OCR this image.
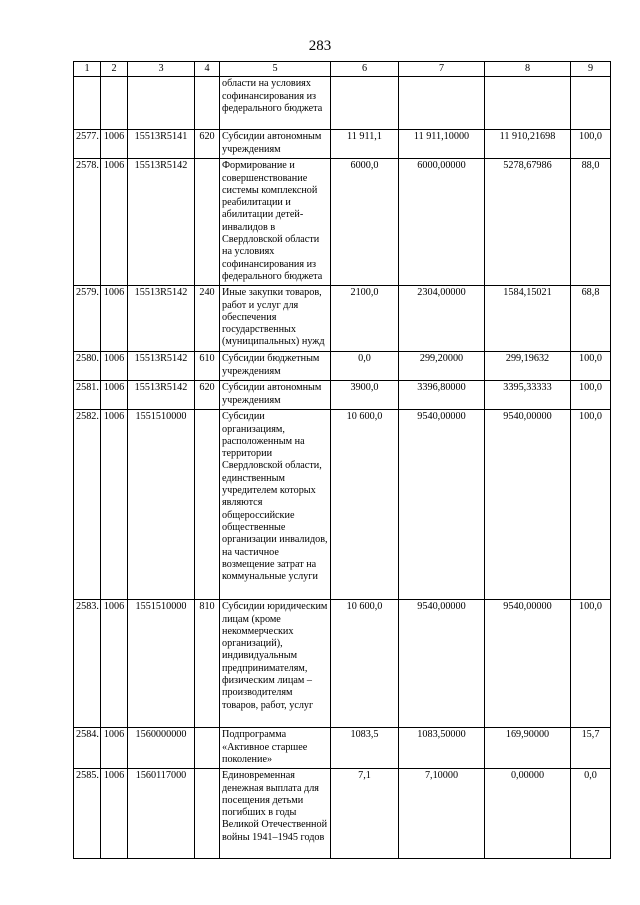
283
1	2	3	4	5	6	7	8	9
				области на условиях софинансирования из федерального бюджета				
2577.	1006	15513R5141	620	Субсидии автономным учреждениям	11 911,1	11 911,10000	11 910,21698	100,0
2578.	1006	15513R5142		Формирование и совершенствование системы комплексной реабилитации и абилитации детей-инвалидов в Свердловской области на условиях софинансирования из федерального бюджета	6000,0	6000,00000	5278,67986	88,0
2579.	1006	15513R5142	240	Иные закупки товаров, работ и услуг для обеспечения государственных (муниципальных) нужд	2100,0	2304,00000	1584,15021	68,8
2580.	1006	15513R5142	610	Субсидии бюджетным учреждениям	0,0	299,20000	299,19632	100,0
2581.	1006	15513R5142	620	Субсидии автономным учреждениям	3900,0	3396,80000	3395,33333	100,0
2582.	1006	1551510000		Субсидии организациям, расположенным на территории Свердловской области, единственным учредителем которых являются общероссийские общественные организации инвалидов, на частичное возмещение затрат на коммунальные услуги	10 600,0	9540,00000	9540,00000	100,0
2583.	1006	1551510000	810	Субсидии юридическим лицам (кроме некоммерческих организаций), индивидуальным предпринимателям, физическим лицам – производителям товаров, работ, услуг	10 600,0	9540,00000	9540,00000	100,0
2584.	1006	1560000000		Подпрограмма «Активное старшее поколение»	1083,5	1083,50000	169,90000	15,7
2585.	1006	1560117000		Единовременная денежная выплата для посещения детьми погибших в годы Великой Отечественной войны 1941–1945 годов	7,1	7,10000	0,00000	0,0
